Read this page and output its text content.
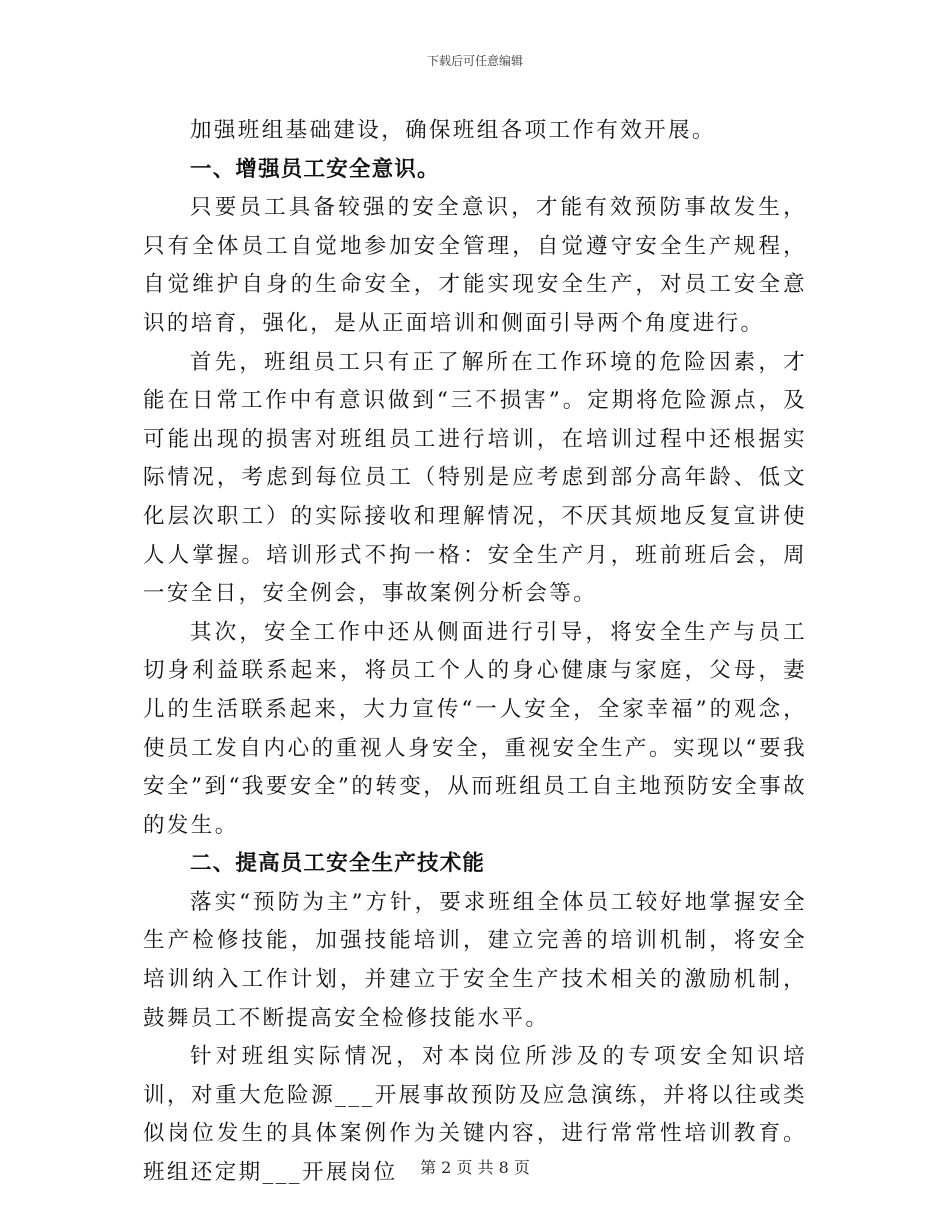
下载后可任意编辑

加强班组基础建设，确保班组各项工作有效开展。

一、增强员工安全意识。

只要员工具备较强的安全意识，才能有效预防事故发生，只有全体员工自觉地参加安全管理，自觉遵守安全生产规程，自觉维护自身的生命安全，才能实现安全生产，对员工安全意识的培育，强化，是从正面培训和侧面引导两个角度进行。

首先，班组员工只有正了解所在工作环境的危险因素，才能在日常工作中有意识做到“三不损害”。定期将危险源点，及可能出现的损害对班组员工进行培训，在培训过程中还根据实际情况，考虑到每位员工（特别是应考虑到部分高年龄、低文化层次职工）的实际接收和理解情况，不厌其烦地反复宣讲使人人掌握。培训形式不拘一格：安全生产月，班前班后会，周一安全日，安全例会，事故案例分析会等。

其次，安全工作中还从侧面进行引导，将安全生产与员工切身利益联系起来，将员工个人的身心健康与家庭，父母，妻儿的生活联系起来，大力宣传“一人安全，全家幸福”的观念，使员工发自内心的重视人身安全，重视安全生产。实现以“要我安全”到“我要安全”的转变，从而班组员工自主地预防安全事故的发生。

二、提高员工安全生产技术能

落实“预防为主”方针，要求班组全体员工较好地掌握安全生产检修技能，加强技能培训，建立完善的培训机制，将安全培训纳入工作计划，并建立于安全生产技术相关的激励机制，鼓舞员工不断提高安全检修技能水平。

针对班组实际情况，对本岗位所涉及的专项安全知识培训，对重大危险源___开展事故预防及应急演练，并将以往或类似岗位发生的具体案例作为关键内容，进行常常性培训教育。班组还定期___开展岗位	第 2 页 共 8 页
